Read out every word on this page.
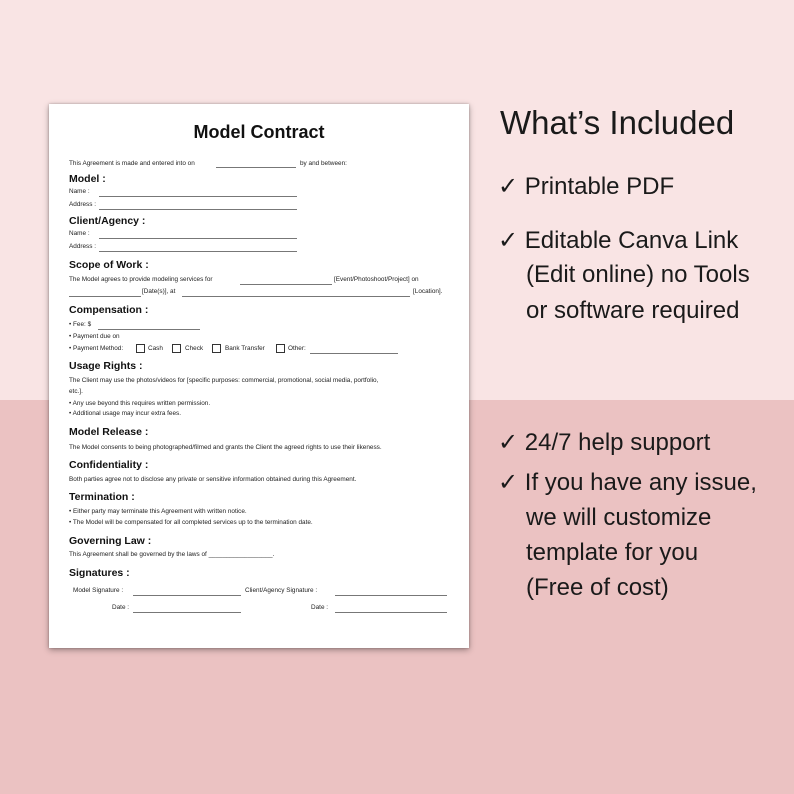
Model Contract
This Agreement is made and entered into on	by and between:
Model :
Name :
Address :
Client/Agency :
Name :
Address :
Scope of Work :
The Model agrees to provide modeling services for	[Event/Photoshoot/Project] on
[Date(s)], at	[Location].
Compensation :
• Fee: $
• Payment due on
• Payment Method:	Cash	Check	Bank Transfer	Other:
Usage Rights :
The Client may use the photos/videos for [specific purposes: commercial, promotional, social media, portfolio,
etc.].
• Any use beyond this requires written permission.
• Additional usage may incur extra fees.
Model Release :
The Model consents to being photographed/filmed and grants the Client the agreed rights to use their likeness.
Confidentiality :
Both parties agree not to disclose any private or sensitive information obtained during this Agreement.
Termination :
• Either party may terminate this Agreement with written notice.
• The Model will be compensated for all completed services up to the termination date.
Governing Law :
This Agreement shall be governed by the laws of __________________.
Signatures :
Model Signature :	Client/Agency Signature :
Date :	Date :
What’s Included
✓ Printable PDF
✓ Editable Canva Link
(Edit online) no Tools
or software required
✓ 24/7 help support
✓ If you have any issue,
we will customize
template for you
(Free of cost)
